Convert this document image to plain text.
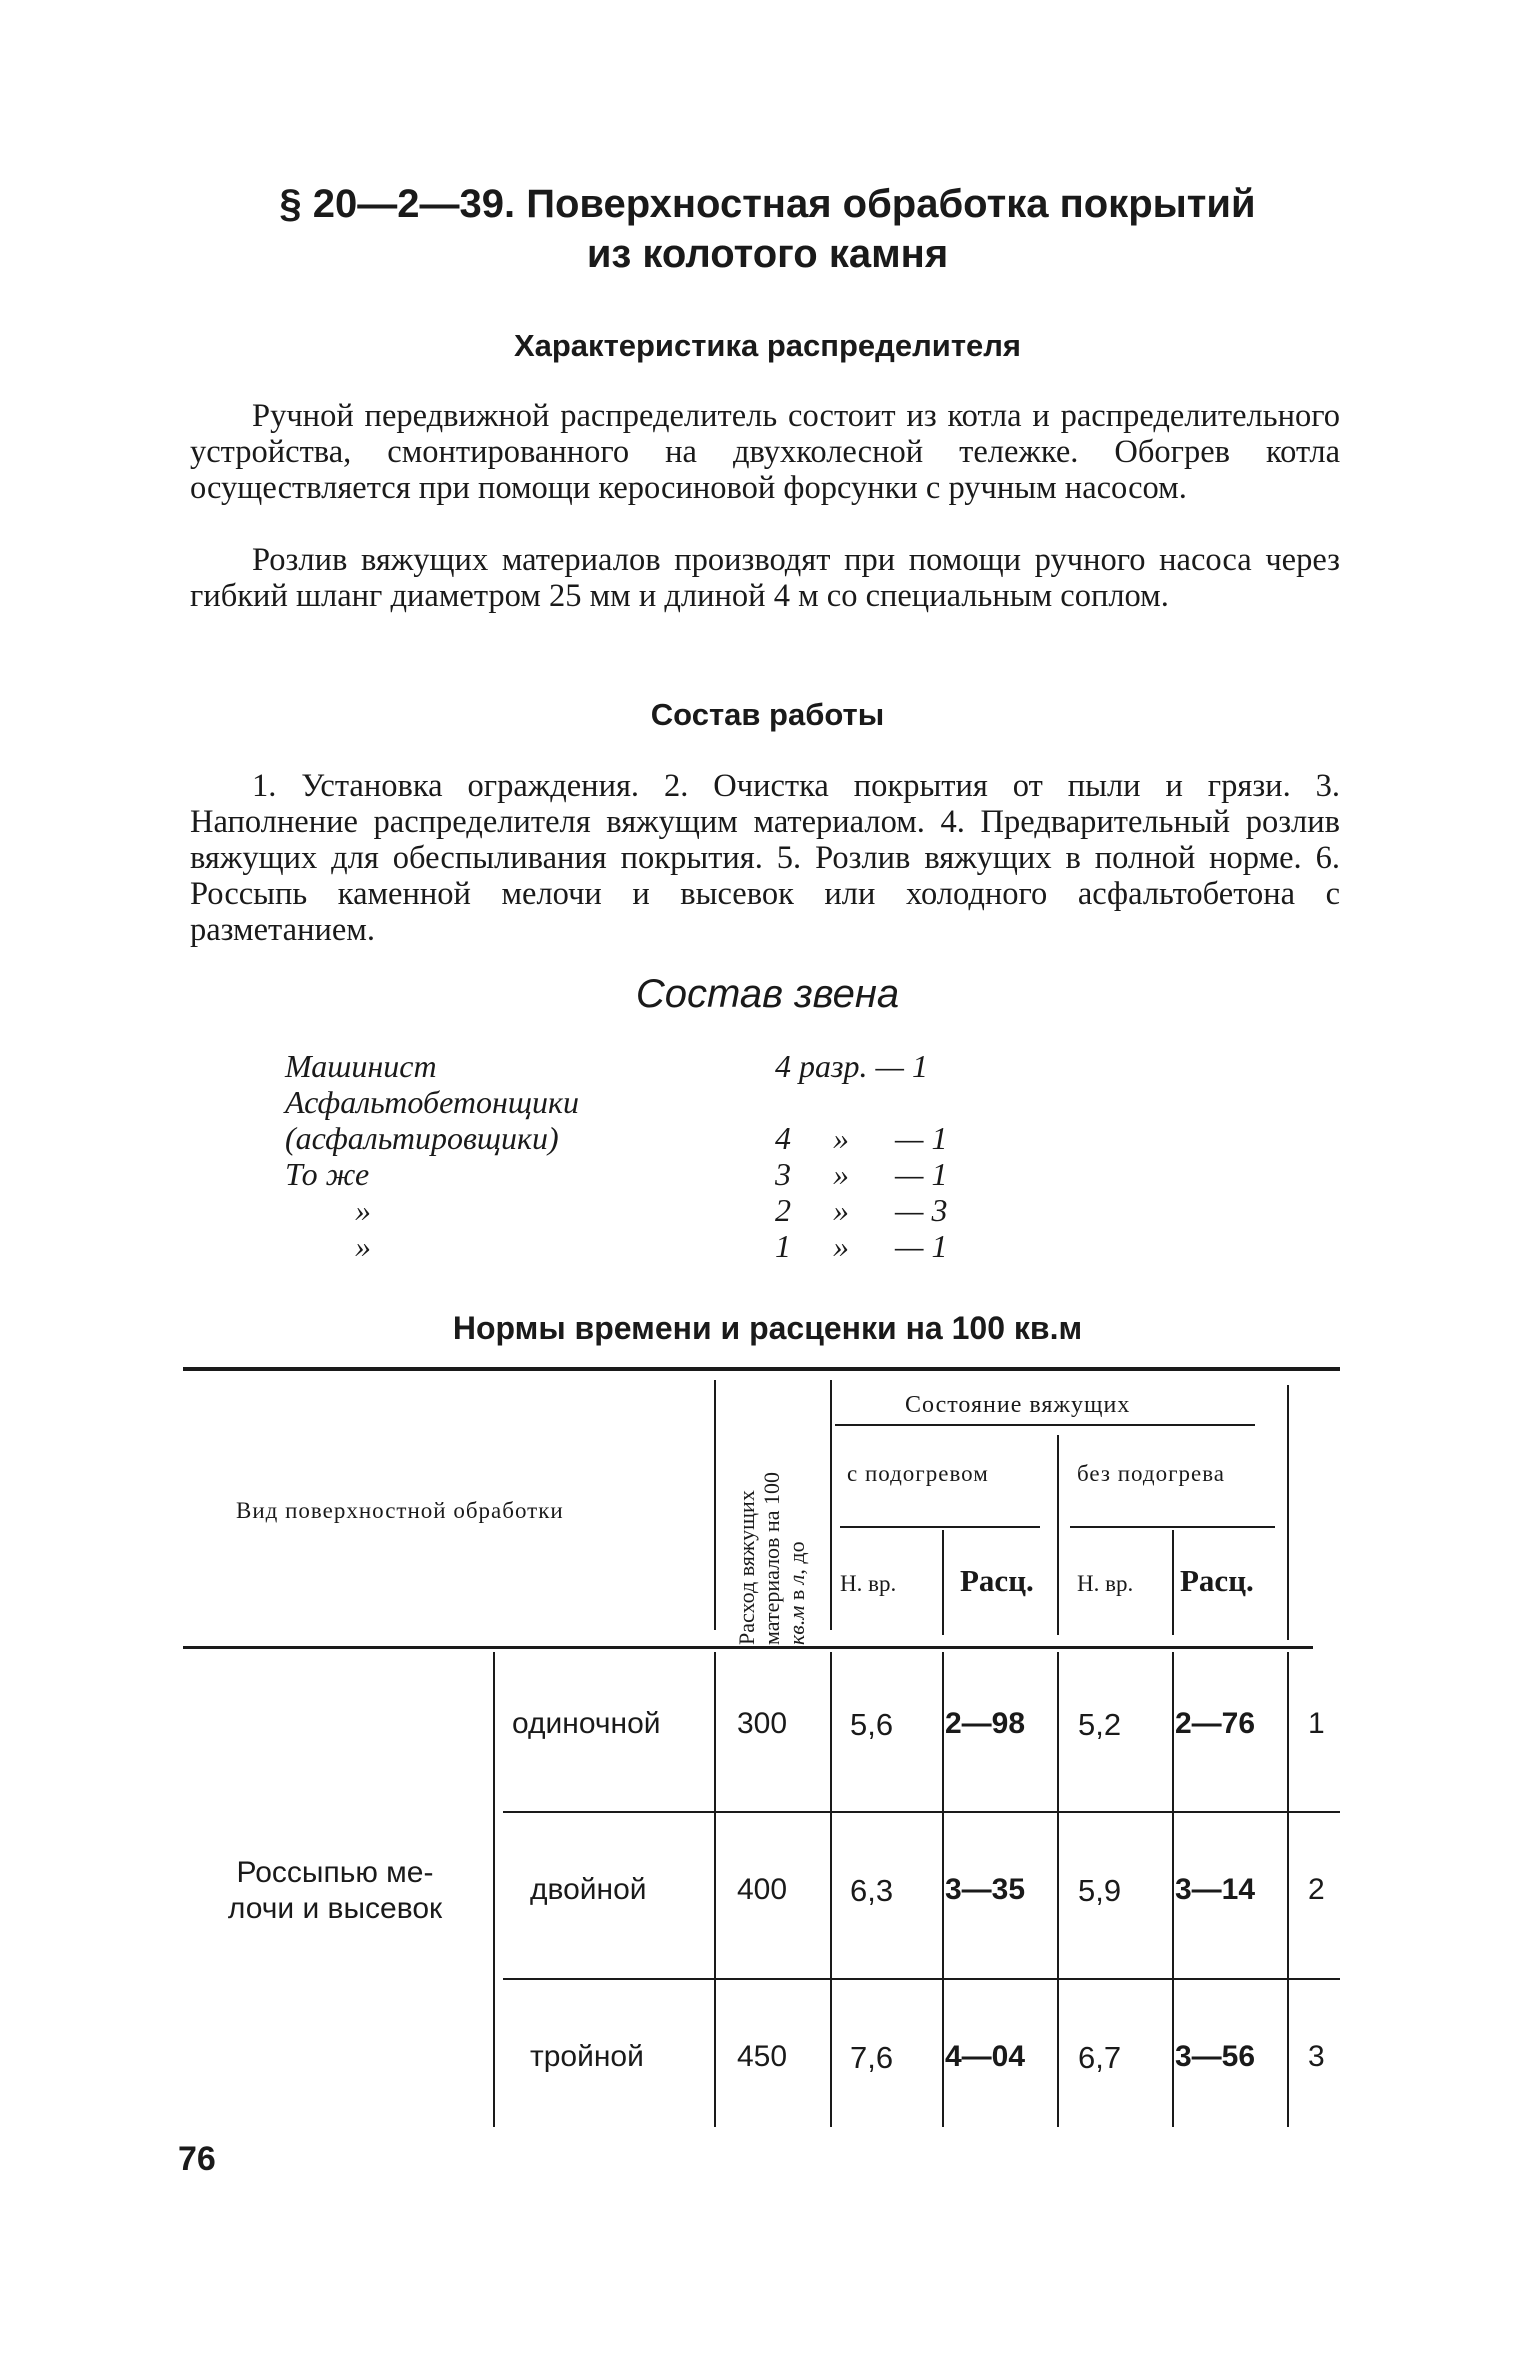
§ 20—2—39. Поверхностная обработка покрытий
из колотого камня
Характеристика распределителя

Ручной передвижной распределитель состоит из котла и распределительного устройства, смонтированного на двухколесной тележке. Обогрев котла осуществляется при помощи керосиновой форсунки с ручным насосом.

Розлив вяжущих материалов производят при помощи ручного насоса через гибкий шланг диаметром 25 мм и длиной 4 м со специальным соплом.

Состав работы

1. Установка ограждения. 2. Очистка покрытия от пыли и грязи. 3. Наполнение распределителя вяжущим материалом. 4. Предварительный розлив вяжущих для обеспыливания покрытия. 5. Розлив вяжущих в полной норме. 6. Россыпь каменной мелочи и высевок или холодного асфальтобетона с разметанием.

Состав звена
Машинист	4 разр. — 1
Асфальтобетонщики
(асфальтировщики)	4	» — 1
То же	3	» — 1
»	2	» — 3
»	1	» — 1
Нормы времени и расценки на 100 кв.м
Вид поверхностной обработки	Расход вяжущих материалов на 100 кв.м в л, до
Состояние вяжущих
с подогревом	без подогрева
Н. вр. Расц. Н. вр. Расц.
Россыпью ме-
лочи и высевок
одиночной	300 5,6 2—98 5,2 2—76 1
двойной	400 6,3 3—35 5,9 3—14 2
тройной	450 7,6 4—04 6,7 3—56 3
76
